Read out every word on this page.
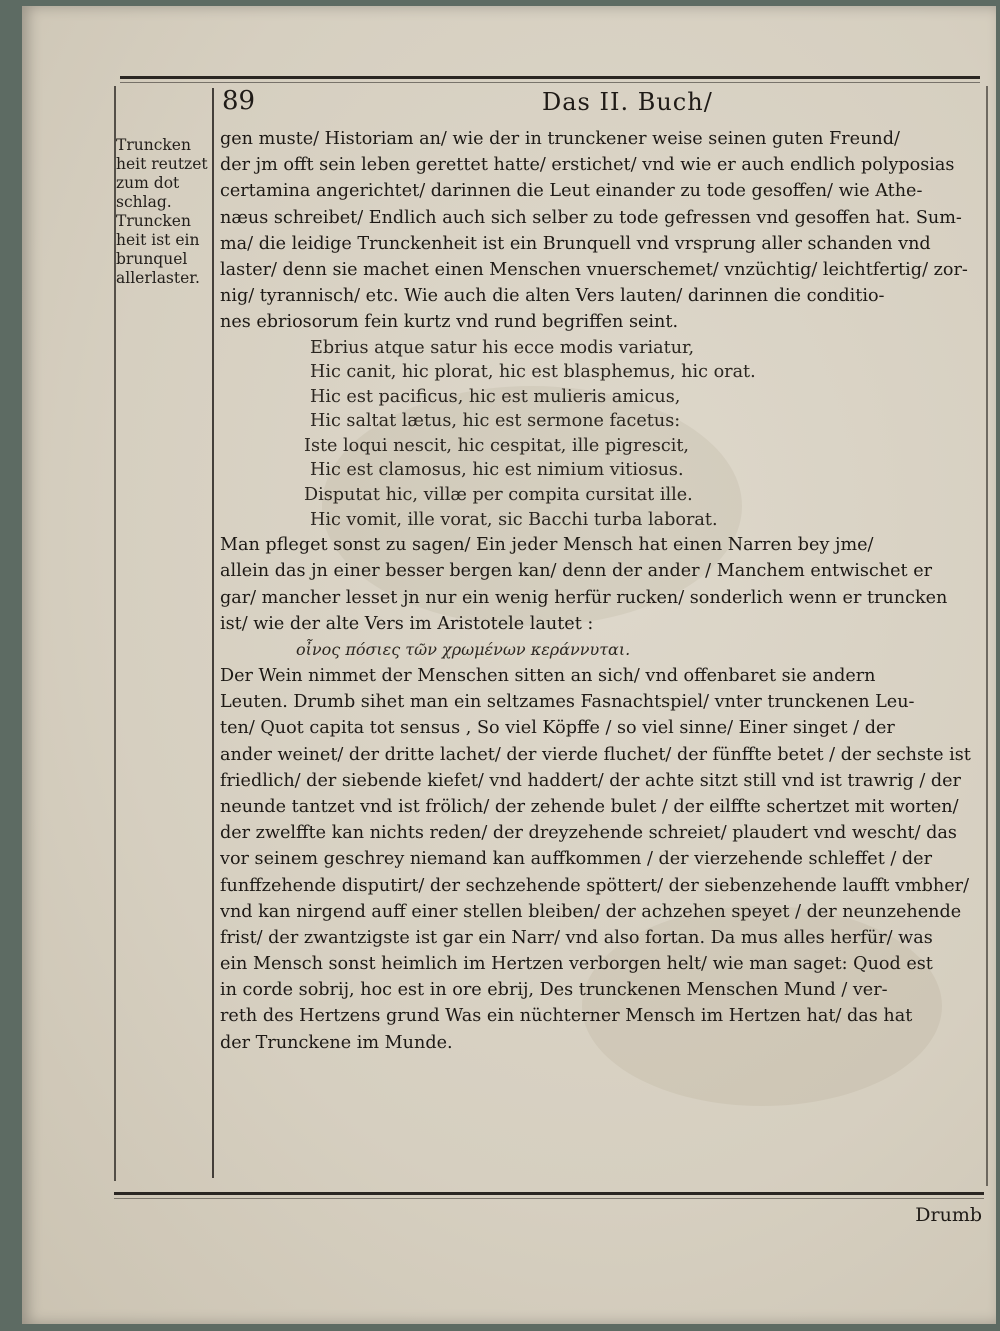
89	Das II. Buch/
Truncken
heit reutzet
zum dot
schlag.
Truncken
heit ist ein
brunquel
allerlaster.
gen muste/ Historiam an/ wie der in trunckener weise seinen guten Freund/
der jm offt sein leben gerettet hatte/ erstichet/ vnd wie er auch endlich polyposias
certamina angerichtet/ darinnen die Leut einander zu tode gesoffen/ wie Athe-
næus schreibet/ Endlich auch sich selber zu tode gefressen vnd gesoffen hat. Sum-
ma/ die leidige Trunckenheit ist ein Brunquell vnd vrsprung aller schanden vnd
laster/ denn sie machet einen Menschen vnuerschemet/ vnzüchtig/ leichtfertig/ zor-
nig/ tyrannisch/ etc. Wie auch die alten Vers lauten/ darinnen die conditio-
nes ebriosorum fein kurtz vnd rund begriffen seint.
Ebrius atque satur his ecce modis variatur,
Hic canit, hic plorat, hic est blasphemus, hic orat.
Hic est pacificus, hic est mulieris amicus,
Hic saltat lætus, hic est sermone facetus:
Iste loqui nescit, hic cespitat, ille pigrescit,
Hic est clamosus, hic est nimium vitiosus.
Disputat hic, villæ per compita cursitat ille.
Hic vomit, ille vorat, sic Bacchi turba laborat.
Man pfleget sonst zu sagen/ Ein jeder Mensch hat einen Narren bey jme/
allein das jn einer besser bergen kan/ denn der ander / Manchem entwischet er
gar/ mancher lesset jn nur ein wenig herfür rucken/ sonderlich wenn er truncken
ist/ wie der alte Vers im Aristotele lautet :
οἶνος πόσιες τῶν χρωμένων κεράννυται.
Der Wein nimmet der Menschen sitten an sich/ vnd offenbaret sie andern
Leuten. Drumb sihet man ein seltzames Fasnachtspiel/ vnter trunckenen Leu-
ten/ Quot capita tot sensus , So viel Köpffe / so viel sinne/ Einer singet / der
ander weinet/ der dritte lachet/ der vierde fluchet/ der fünffte betet / der sechste ist
friedlich/ der siebende kiefet/ vnd haddert/ der achte sitzt still vnd ist trawrig / der
neunde tantzet vnd ist frölich/ der zehende bulet / der eilffte schertzet mit worten/
der zwelffte kan nichts reden/ der dreyzehende schreiet/ plaudert vnd wescht/ das
vor seinem geschrey niemand kan auffkommen / der vierzehende schleffet / der
funffzehende disputirt/ der sechzehende spöttert/ der siebenzehende laufft vmbher/
vnd kan nirgend auff einer stellen bleiben/ der achzehen speyet / der neunzehende
frist/ der zwantzigste ist gar ein Narr/ vnd also fortan. Da mus alles herfür/ was
ein Mensch sonst heimlich im Hertzen verborgen helt/ wie man saget: Quod est
in corde sobrij, hoc est in ore ebrij, Des trunckenen Menschen Mund / ver-
reth des Hertzens grund Was ein nüchterner Mensch im Hertzen hat/ das hat
der Trunckene im Munde.
Drumb
